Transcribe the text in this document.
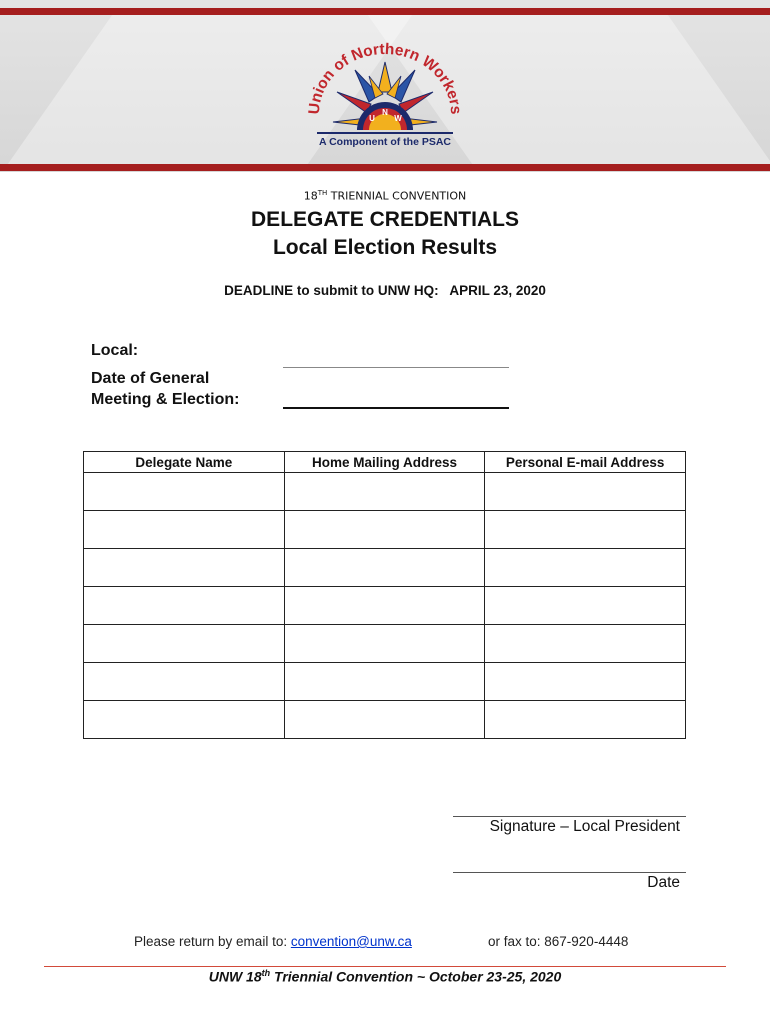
Union of Northern Workers
U
N
W
A Component of the PSAC
18TH TRIENNIAL CONVENTION
DELEGATE CREDENTIALS
Local Election Results
DEADLINE to submit to UNW HQ:   APRIL 23, 2020
Local:
Date of General
Meeting & Election:
Delegate Name	Home Mailing Address	Personal E-mail Address

Signature – Local President
Date
Please return by email to: convention@unw.ca	or fax to: 867-920-4448
UNW 18th Triennial Convention ~ October 23-25, 2020
